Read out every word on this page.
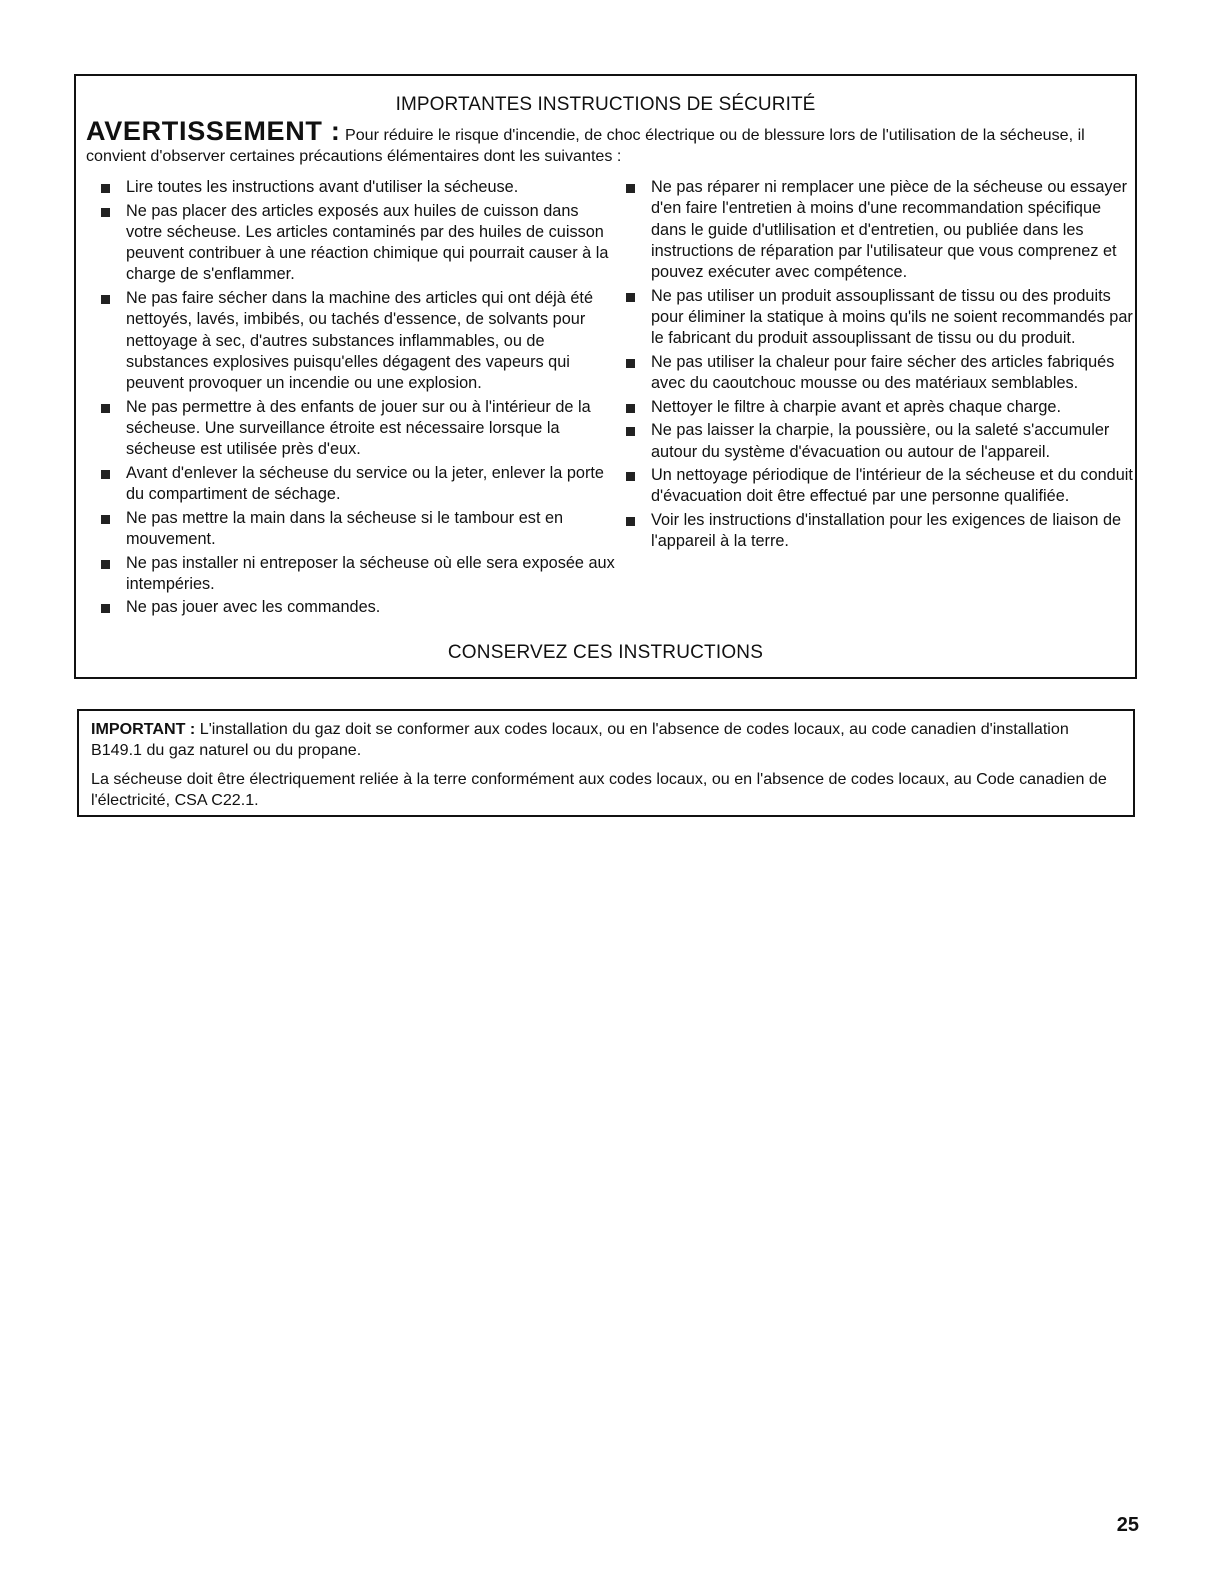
IMPORTANTES INSTRUCTIONS DE SÉCURITÉ
AVERTISSEMENT : Pour réduire le risque d'incendie, de choc électrique ou de blessure lors de l'utilisation de la sécheuse, il convient d'observer certaines précautions élémentaires dont les suivantes :
Lire toutes les instructions avant d'utiliser la sécheuse.
Ne pas placer des articles exposés aux huiles de cuisson dans votre sécheuse. Les articles contaminés par des huiles de cuisson peuvent contribuer à une réaction chimique qui pourrait causer à la charge de s'enflammer.
Ne pas faire sécher dans la machine des articles qui ont déjà été nettoyés, lavés, imbibés, ou tachés d'essence, de solvants pour nettoyage à sec, d'autres substances inflammables, ou de substances explosives puisqu'elles dégagent des vapeurs qui peuvent provoquer un incendie ou une explosion.
Ne pas permettre à des enfants de jouer sur ou à l'intérieur de la sécheuse. Une surveillance étroite est nécessaire lorsque la sécheuse est utilisée près d'eux.
Avant d'enlever la sécheuse du service ou la jeter, enlever la porte du compartiment de séchage.
Ne pas mettre la main dans la sécheuse si le tambour est en mouvement.
Ne pas installer ni entreposer la sécheuse où elle sera exposée aux intempéries.
Ne pas jouer avec les commandes.
Ne pas réparer ni remplacer une pièce de la sécheuse ou essayer d'en faire l'entretien à moins d'une recommandation spécifique dans le guide d'utlilisation et d'entretien, ou publiée dans les instructions de réparation par l'utilisateur que vous comprenez et pouvez exécuter avec compétence.
Ne pas utiliser un produit assouplissant de tissu ou des produits pour éliminer la statique à moins qu'ils ne soient recommandés par le fabricant du produit assouplissant de tissu ou du produit.
Ne pas utiliser la chaleur pour faire sécher des articles fabriqués avec du caoutchouc mousse ou des matériaux semblables.
Nettoyer le filtre à charpie avant et après chaque charge.
Ne pas laisser la charpie, la poussière, ou la saleté s'accumuler autour du système d'évacuation ou autour de l'appareil.
Un nettoyage périodique de l'intérieur de la sécheuse et du conduit d'évacuation doit être effectué par une personne qualifiée.
Voir les instructions d'installation pour les exigences de liaison de l'appareil à la terre.
CONSERVEZ CES INSTRUCTIONS

IMPORTANT : L'installation du gaz doit se conformer aux codes locaux, ou en l'absence de codes locaux, au code canadien d'installation B149.1 du gaz naturel ou du propane.

La sécheuse doit être électriquement reliée à la terre conformément aux codes locaux, ou en l'absence de codes locaux, au Code canadien de l'électricité, CSA C22.1.

25
